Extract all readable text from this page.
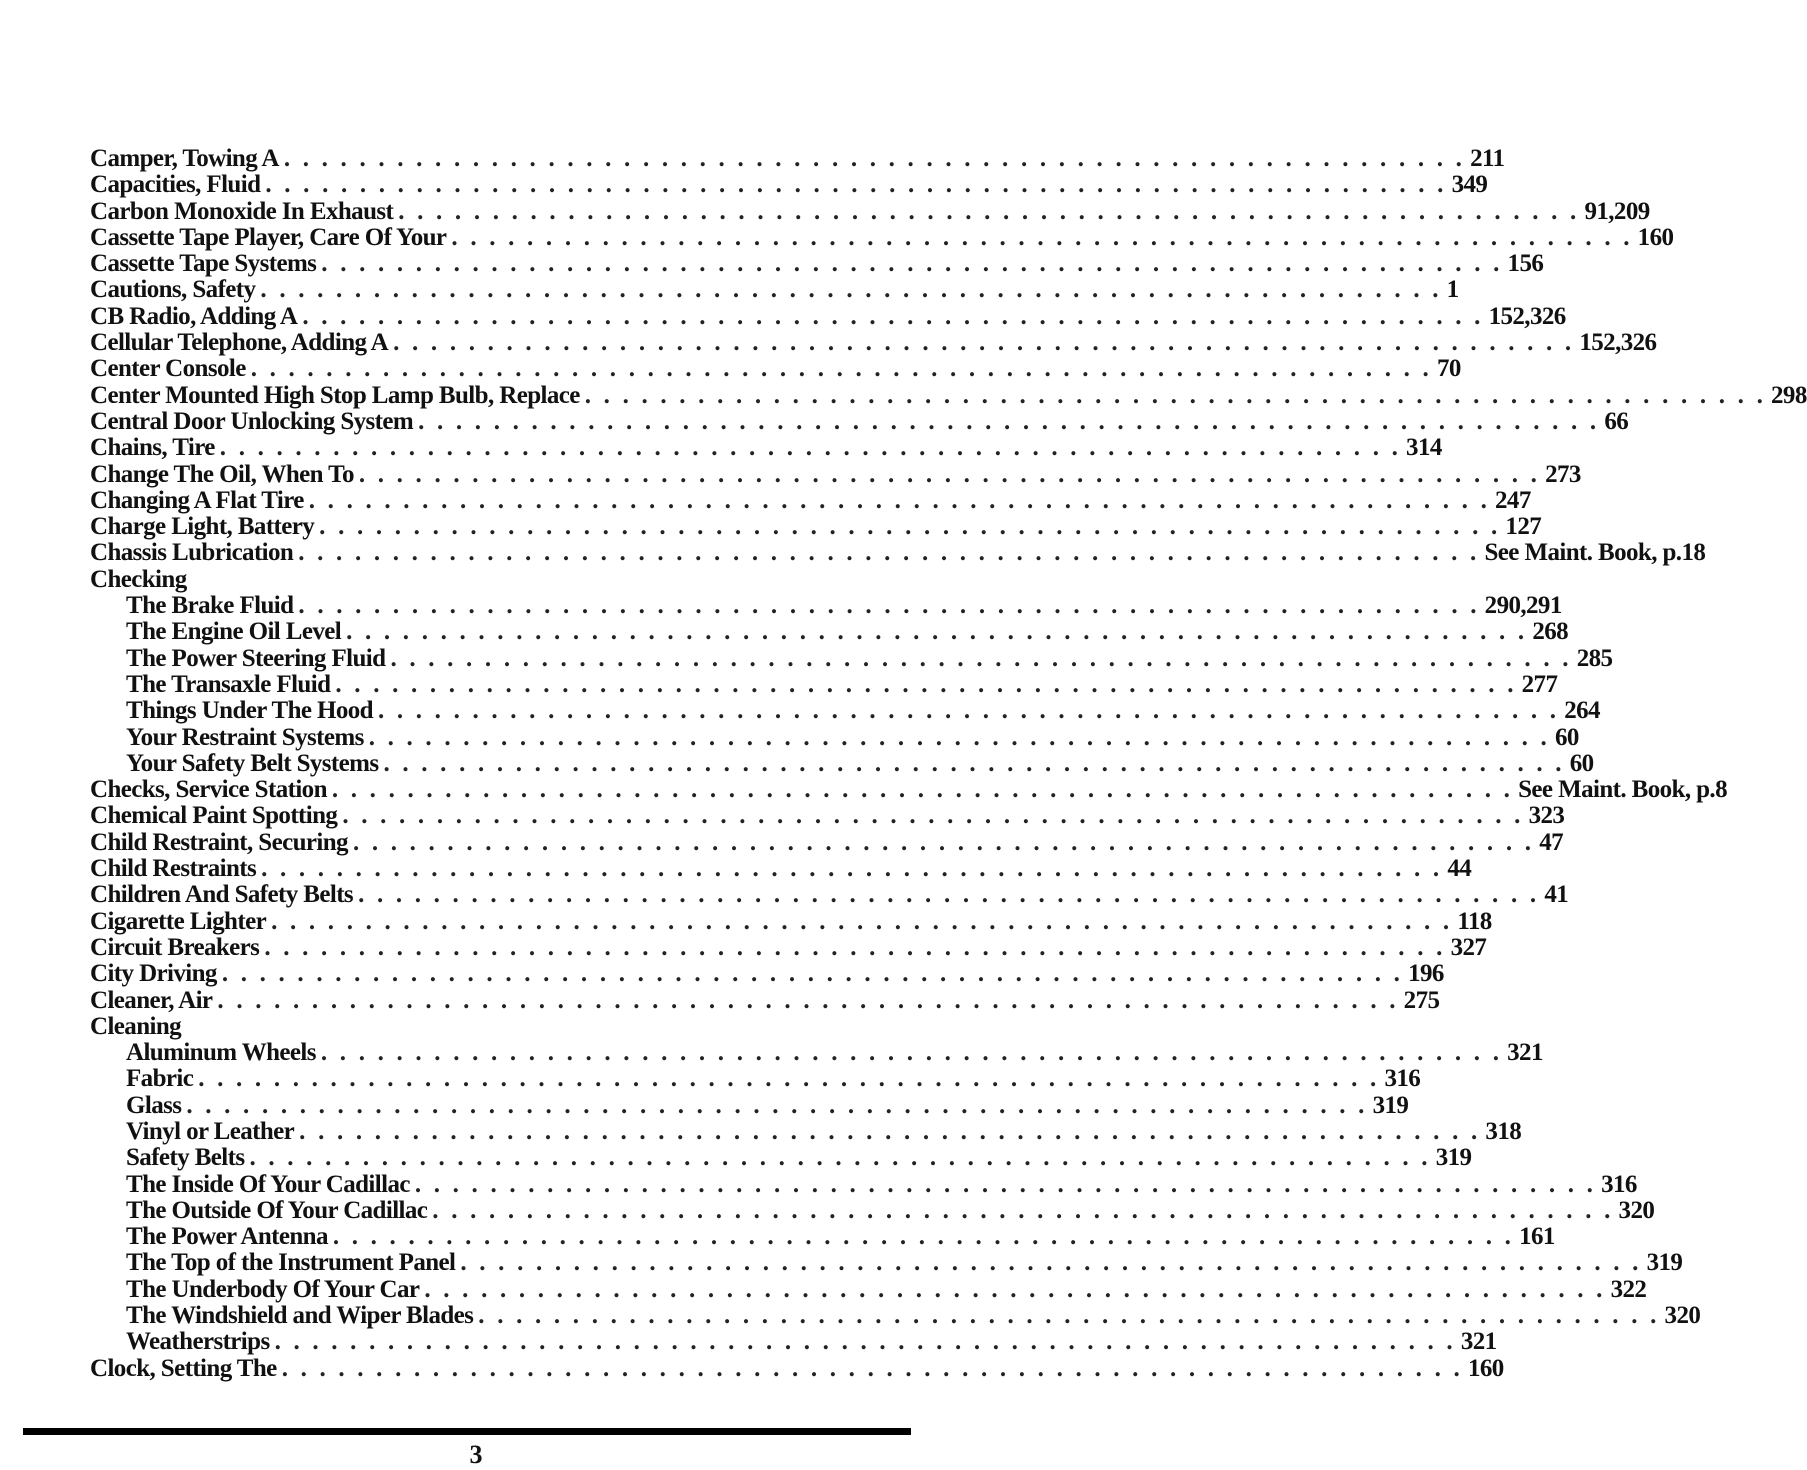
Camper, Towing A . . . . . . . . . . . . . . . . . . . . . . . . . . . . . . . . . . . . . . . . . . . . . . . . . . . . . . . . . . . . . . . 211
Capacities, Fluid . . . . . . . . . . . . . . . . . . . . . . . . . . . . . . . . . . . . . . . . . . . . . . . . . . . . . . . . . . . . . . . 349
Carbon Monoxide In Exhaust . . . . . . . . . . . . . . . . . . . . . . . . . . . . . . . . . . . . . . . . . . . . . . . . . . . . . . . . . . . . . . . 91,209
Cassette Tape Player, Care Of Your . . . . . . . . . . . . . . . . . . . . . . . . . . . . . . . . . . . . . . . . . . . . . . . . . . . . . . . . . . . . . . . 160
Cassette Tape Systems . . . . . . . . . . . . . . . . . . . . . . . . . . . . . . . . . . . . . . . . . . . . . . . . . . . . . . . . . . . . . . . 156
Cautions, Safety . . . . . . . . . . . . . . . . . . . . . . . . . . . . . . . . . . . . . . . . . . . . . . . . . . . . . . . . . . . . . . . 1
CB Radio, Adding A . . . . . . . . . . . . . . . . . . . . . . . . . . . . . . . . . . . . . . . . . . . . . . . . . . . . . . . . . . . . . . . 152,326
Cellular Telephone, Adding A . . . . . . . . . . . . . . . . . . . . . . . . . . . . . . . . . . . . . . . . . . . . . . . . . . . . . . . . . . . . . . . 152,326
Center Console . . . . . . . . . . . . . . . . . . . . . . . . . . . . . . . . . . . . . . . . . . . . . . . . . . . . . . . . . . . . . . . 70
Center Mounted High Stop Lamp Bulb, Replace . . . . . . . . . . . . . . . . . . . . . . . . . . . . . . . . . . . . . . . . . . . . . . . . . . . . . . . . . . . . . . . 298
Central Door Unlocking System . . . . . . . . . . . . . . . . . . . . . . . . . . . . . . . . . . . . . . . . . . . . . . . . . . . . . . . . . . . . . . . 66
Chains, Tire . . . . . . . . . . . . . . . . . . . . . . . . . . . . . . . . . . . . . . . . . . . . . . . . . . . . . . . . . . . . . . . 314
Change The Oil, When To . . . . . . . . . . . . . . . . . . . . . . . . . . . . . . . . . . . . . . . . . . . . . . . . . . . . . . . . . . . . . . . 273
Changing A Flat Tire . . . . . . . . . . . . . . . . . . . . . . . . . . . . . . . . . . . . . . . . . . . . . . . . . . . . . . . . . . . . . . . 247
Charge Light, Battery . . . . . . . . . . . . . . . . . . . . . . . . . . . . . . . . . . . . . . . . . . . . . . . . . . . . . . . . . . . . . . . 127
Chassis Lubrication . . . . . . . . . . . . . . . . . . . . . . . . . . . . . . . . . . . . . . . . . . . . . . . . . . . . . . . . . . . . . . . See Maint. Book, p.18
Checking
The Brake Fluid . . . . . . . . . . . . . . . . . . . . . . . . . . . . . . . . . . . . . . . . . . . . . . . . . . . . . . . . . . . . . . . 290,291
The Engine Oil Level . . . . . . . . . . . . . . . . . . . . . . . . . . . . . . . . . . . . . . . . . . . . . . . . . . . . . . . . . . . . . . . 268
The Power Steering Fluid . . . . . . . . . . . . . . . . . . . . . . . . . . . . . . . . . . . . . . . . . . . . . . . . . . . . . . . . . . . . . . . 285
The Transaxle Fluid . . . . . . . . . . . . . . . . . . . . . . . . . . . . . . . . . . . . . . . . . . . . . . . . . . . . . . . . . . . . . . . 277
Things Under The Hood . . . . . . . . . . . . . . . . . . . . . . . . . . . . . . . . . . . . . . . . . . . . . . . . . . . . . . . . . . . . . . . 264
Your Restraint Systems . . . . . . . . . . . . . . . . . . . . . . . . . . . . . . . . . . . . . . . . . . . . . . . . . . . . . . . . . . . . . . . 60
Your Safety Belt Systems . . . . . . . . . . . . . . . . . . . . . . . . . . . . . . . . . . . . . . . . . . . . . . . . . . . . . . . . . . . . . . . 60
Checks, Service Station . . . . . . . . . . . . . . . . . . . . . . . . . . . . . . . . . . . . . . . . . . . . . . . . . . . . . . . . . . . . . . . See Maint. Book, p.8
Chemical Paint Spotting . . . . . . . . . . . . . . . . . . . . . . . . . . . . . . . . . . . . . . . . . . . . . . . . . . . . . . . . . . . . . . . 323
Child Restraint, Securing . . . . . . . . . . . . . . . . . . . . . . . . . . . . . . . . . . . . . . . . . . . . . . . . . . . . . . . . . . . . . . . 47
Child Restraints . . . . . . . . . . . . . . . . . . . . . . . . . . . . . . . . . . . . . . . . . . . . . . . . . . . . . . . . . . . . . . . 44
Children And Safety Belts . . . . . . . . . . . . . . . . . . . . . . . . . . . . . . . . . . . . . . . . . . . . . . . . . . . . . . . . . . . . . . . 41
Cigarette Lighter . . . . . . . . . . . . . . . . . . . . . . . . . . . . . . . . . . . . . . . . . . . . . . . . . . . . . . . . . . . . . . . 118
Circuit Breakers . . . . . . . . . . . . . . . . . . . . . . . . . . . . . . . . . . . . . . . . . . . . . . . . . . . . . . . . . . . . . . . 327
City Driving . . . . . . . . . . . . . . . . . . . . . . . . . . . . . . . . . . . . . . . . . . . . . . . . . . . . . . . . . . . . . . . 196
Cleaner, Air . . . . . . . . . . . . . . . . . . . . . . . . . . . . . . . . . . . . . . . . . . . . . . . . . . . . . . . . . . . . . . . 275
Cleaning
Aluminum Wheels . . . . . . . . . . . . . . . . . . . . . . . . . . . . . . . . . . . . . . . . . . . . . . . . . . . . . . . . . . . . . . . 321
Fabric . . . . . . . . . . . . . . . . . . . . . . . . . . . . . . . . . . . . . . . . . . . . . . . . . . . . . . . . . . . . . . . 316
Glass . . . . . . . . . . . . . . . . . . . . . . . . . . . . . . . . . . . . . . . . . . . . . . . . . . . . . . . . . . . . . . . 319
Vinyl or Leather . . . . . . . . . . . . . . . . . . . . . . . . . . . . . . . . . . . . . . . . . . . . . . . . . . . . . . . . . . . . . . . 318
Safety Belts . . . . . . . . . . . . . . . . . . . . . . . . . . . . . . . . . . . . . . . . . . . . . . . . . . . . . . . . . . . . . . . 319
The Inside Of Your Cadillac . . . . . . . . . . . . . . . . . . . . . . . . . . . . . . . . . . . . . . . . . . . . . . . . . . . . . . . . . . . . . . . 316
The Outside Of Your Cadillac . . . . . . . . . . . . . . . . . . . . . . . . . . . . . . . . . . . . . . . . . . . . . . . . . . . . . . . . . . . . . . . 320
The Power Antenna . . . . . . . . . . . . . . . . . . . . . . . . . . . . . . . . . . . . . . . . . . . . . . . . . . . . . . . . . . . . . . . 161
The Top of the Instrument Panel . . . . . . . . . . . . . . . . . . . . . . . . . . . . . . . . . . . . . . . . . . . . . . . . . . . . . . . . . . . . . . . 319
The Underbody Of Your Car . . . . . . . . . . . . . . . . . . . . . . . . . . . . . . . . . . . . . . . . . . . . . . . . . . . . . . . . . . . . . . . 322
The Windshield and Wiper Blades . . . . . . . . . . . . . . . . . . . . . . . . . . . . . . . . . . . . . . . . . . . . . . . . . . . . . . . . . . . . . . . 320
Weatherstrips . . . . . . . . . . . . . . . . . . . . . . . . . . . . . . . . . . . . . . . . . . . . . . . . . . . . . . . . . . . . . . . 321
Clock, Setting The . . . . . . . . . . . . . . . . . . . . . . . . . . . . . . . . . . . . . . . . . . . . . . . . . . . . . . . . . . . . . . . 160
3
